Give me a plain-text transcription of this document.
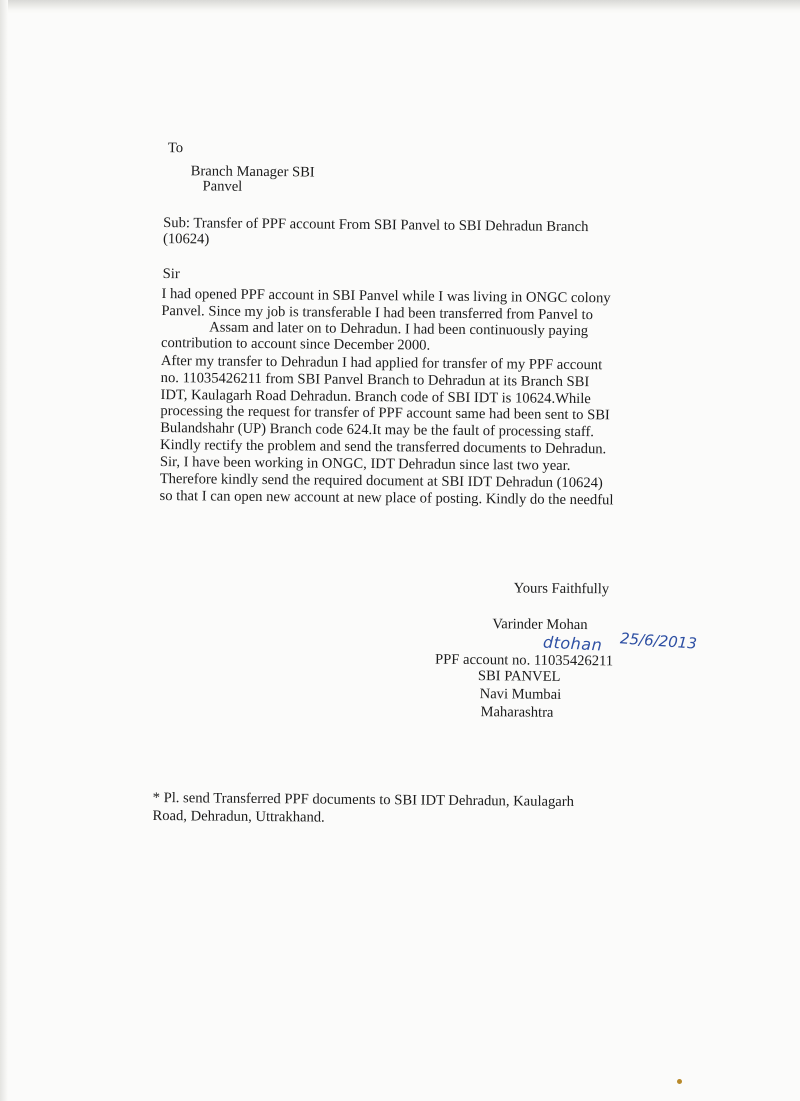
To
Branch Manager SBI
Panvel
Sub: Transfer of PPF account From SBI Panvel to SBI Dehradun Branch
(10624)
Sir
I had opened PPF account in SBI Panvel while I was living in ONGC colony
Panvel. Since my job is transferable I had been transferred from Panvel to
Assam and later on to Dehradun. I had been continuously paying
contribution to account since December 2000.
After my transfer to Dehradun I had applied for transfer of my PPF account
no. 11035426211 from SBI Panvel Branch to Dehradun at its Branch SBI
IDT, Kaulagarh Road Dehradun. Branch code of SBI IDT is 10624.While
processing the request for transfer of PPF account same had been sent to SBI
Bulandshahr (UP) Branch code 624.It may be the fault of processing staff.
Kindly rectify the problem and send the transferred documents to Dehradun.
Sir, I have been working in ONGC, IDT Dehradun since last two year.
Therefore kindly send the required document at SBI IDT Dehradun (10624)
so that I can open new account at new place of posting. Kindly do the needful
Yours Faithfully
Varinder Mohan
PPF account no. 11035426211
SBI PANVEL
Navi Mumbai
Maharashtra
* Pl. send Transferred PPF documents to SBI IDT Dehradun, Kaulagarh
Road, Dehradun, Uttrakhand.
dtohan 25/6/2013
